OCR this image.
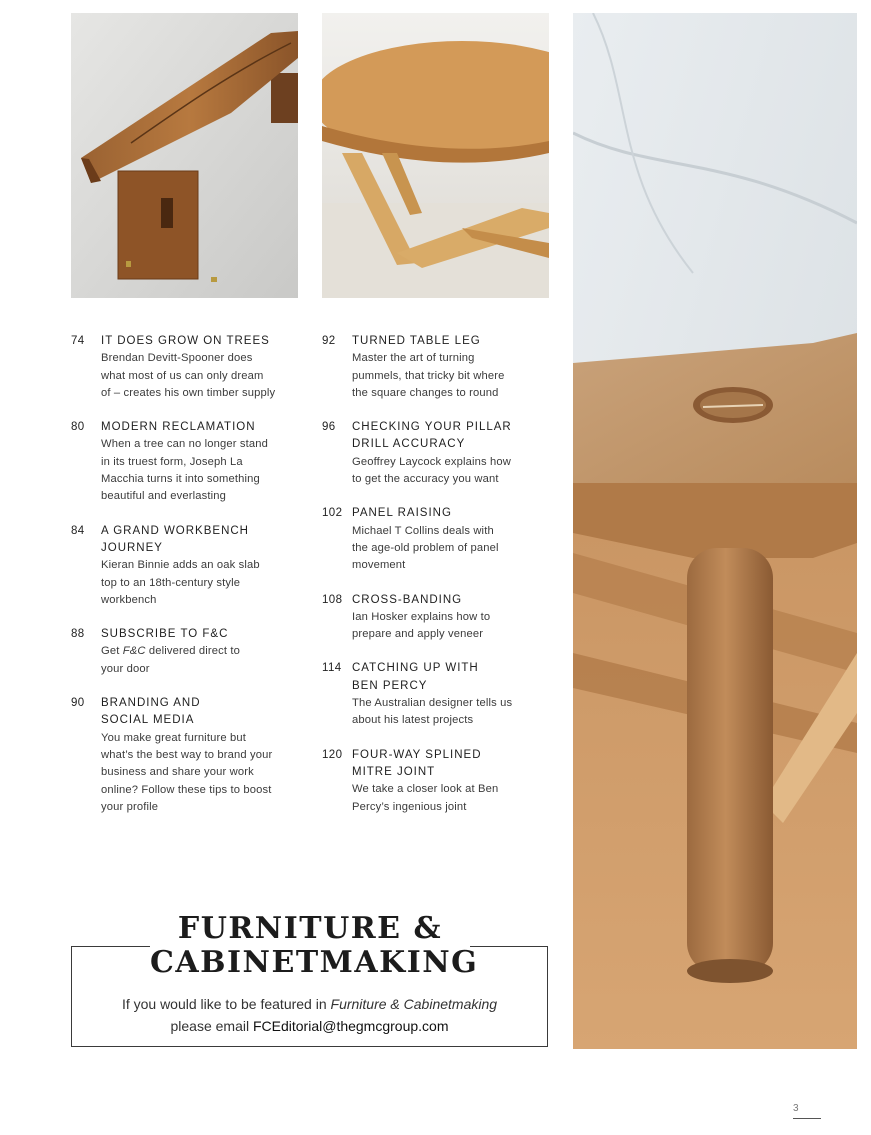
74	IT DOES GROW ON TREES
Brendan Devitt-Spooner does
what most of us can only dream
of – creates his own timber supply
80	MODERN RECLAMATION
When a tree can no longer stand
in its truest form, Joseph La
Macchia turns it into something
beautiful and everlasting
84	A GRAND WORKBENCH
JOURNEY
Kieran Binnie adds an oak slab
top to an 18th-century style
workbench
88	SUBSCRIBE TO F&C
Get F&C delivered direct to
your door
90	BRANDING AND
SOCIAL MEDIA
You make great furniture but
what’s the best way to brand your
business and share your work
online? Follow these tips to boost
your profile
92	TURNED TABLE LEG
Master the art of turning
pummels, that tricky bit where
the square changes to round
96	CHECKING YOUR PILLAR
DRILL ACCURACY
Geoffrey Laycock explains how
to get the accuracy you want
102 PANEL RAISING
Michael T Collins deals with
the age-old problem of panel
movement
108 CROSS-BANDING
Ian Hosker explains how to
prepare and apply veneer
114 CATCHING UP WITH
BEN PERCY
The Australian designer tells us
about his latest projects
120 FOUR-WAY SPLINED
MITRE JOINT
We take a closer look at Ben
Percy’s ingenious joint
FURNITURE &
CABINETMAKING
If you would like to be featured in Furniture & Cabinetmaking
please email FCEditorial@thegmcgroup.com
3
